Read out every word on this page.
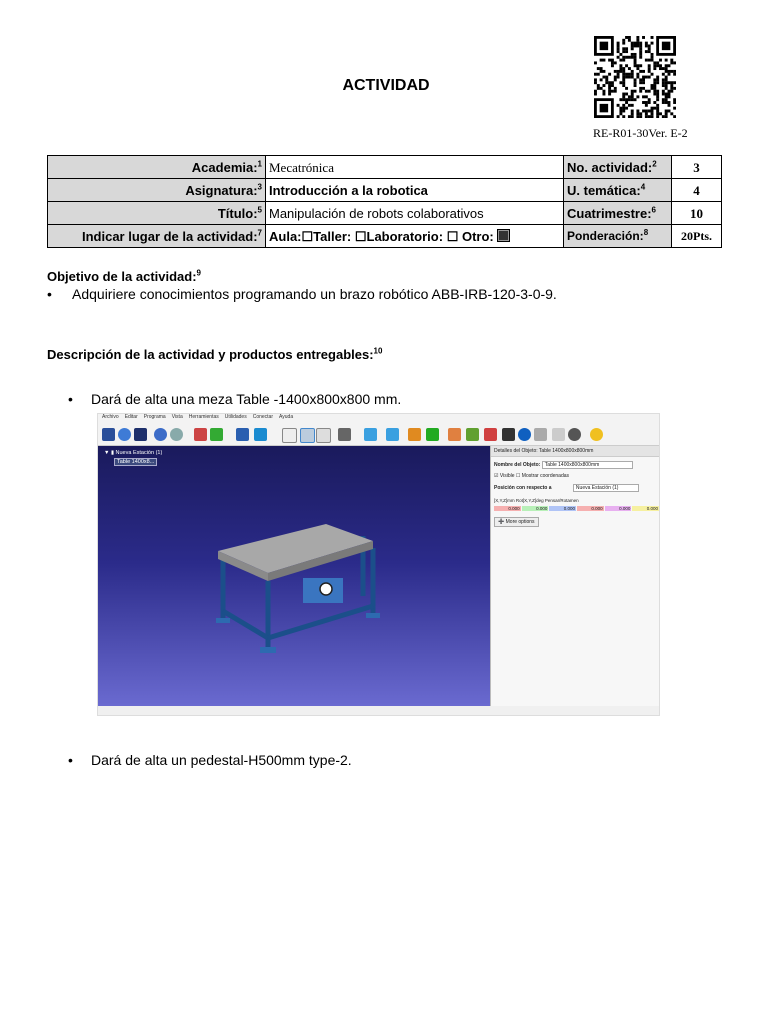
ACTIVIDAD
RE-R01-30Ver. E-2
Academia:$^1$	Mecatrónica	No. actividad:$^2$	3
Asignatura:$^3$	Introducción a la robotica	U. temática:$^4$	4
Título:$^5$	Manipulación de robots colaborativos	Cuatrimestre:$^6$	10
Indicar lugar de la actividad:$^7$	Aula:☐Taller: ☐Laboratorio: ☐ Otro:	Ponderación:$^8$	20Pts.
Objetivo de la actividad:$^9$
• Adquiriere conocimientos programando un brazo robótico ABB-IRB-120-3-0-9.
Descripción de la actividad y productos entregables:$^{10}$
• Dará de alta una meza Table -1400x800x800 mm.
Archivo Editar Programa Vista Herramientas Utilidades Conectar Ayuda
▼ ▮ Nueva Estación (1)
Table 1400x8...
Detalles del Objeto: Table 1400x800x800mm
Nombre del Objeto: Table 1400x800x800mm
☑ Visible ☐ Mostrar coordenadas
Posición con respecto a	Nueva Estación (1)
[X,Y,Z]mm Rot[X,Y,Z]deg Pensar/Rotamen
0.000	0.000	0.000	0.000	0.000	0.000
➕ More options
• Dará de alta un pedestal-H500mm type-2.
